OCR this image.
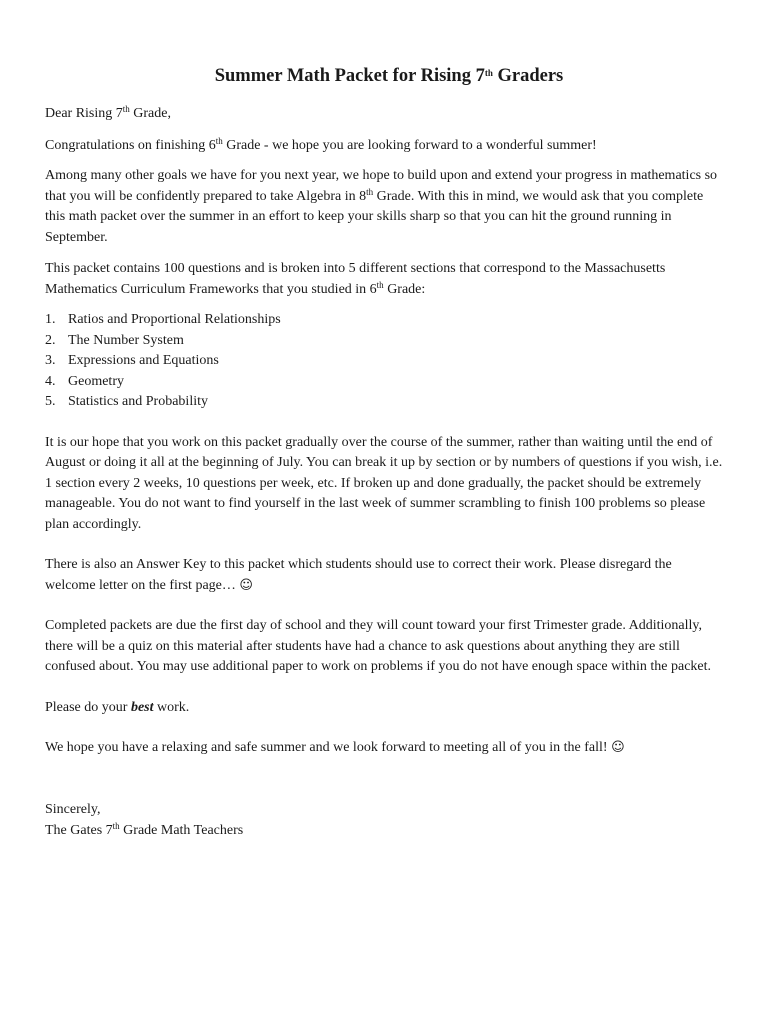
Summer Math Packet for Rising 7th Graders

Dear Rising 7th Grade,

Congratulations on finishing 6th Grade - we hope you are looking forward to a wonderful summer!

Among many other goals we have for you next year, we hope to build upon and extend your progress in mathematics so that you will be confidently prepared to take Algebra in 8th Grade. With this in mind, we would ask that you complete this math packet over the summer in an effort to keep your skills sharp so that you can hit the ground running in September.

This packet contains 100 questions and is broken into 5 different sections that correspond to the Massachusetts Mathematics Curriculum Frameworks that you studied in 6th Grade:

1. Ratios and Proportional Relationships
2. The Number System
3. Expressions and Equations
4. Geometry
5. Statistics and Probability

It is our hope that you work on this packet gradually over the course of the summer, rather than waiting until the end of August or doing it all at the beginning of July. You can break it up by section or by numbers of questions if you wish, i.e. 1 section every 2 weeks, 10 questions per week, etc. If broken up and done gradually, the packet should be extremely manageable. You do not want to find yourself in the last week of summer scrambling to finish 100 problems so please plan accordingly.

There is also an Answer Key to this packet which students should use to correct their work. Please disregard the welcome letter on the first page… ☺

Completed packets are due the first day of school and they will count toward your first Trimester grade. Additionally, there will be a quiz on this material after students have had a chance to ask questions about anything they are still confused about. You may use additional paper to work on problems if you do not have enough space within the packet.

Please do your best work.

We hope you have a relaxing and safe summer and we look forward to meeting all of you in the fall! ☺

Sincerely,

The Gates 7th Grade Math Teachers
